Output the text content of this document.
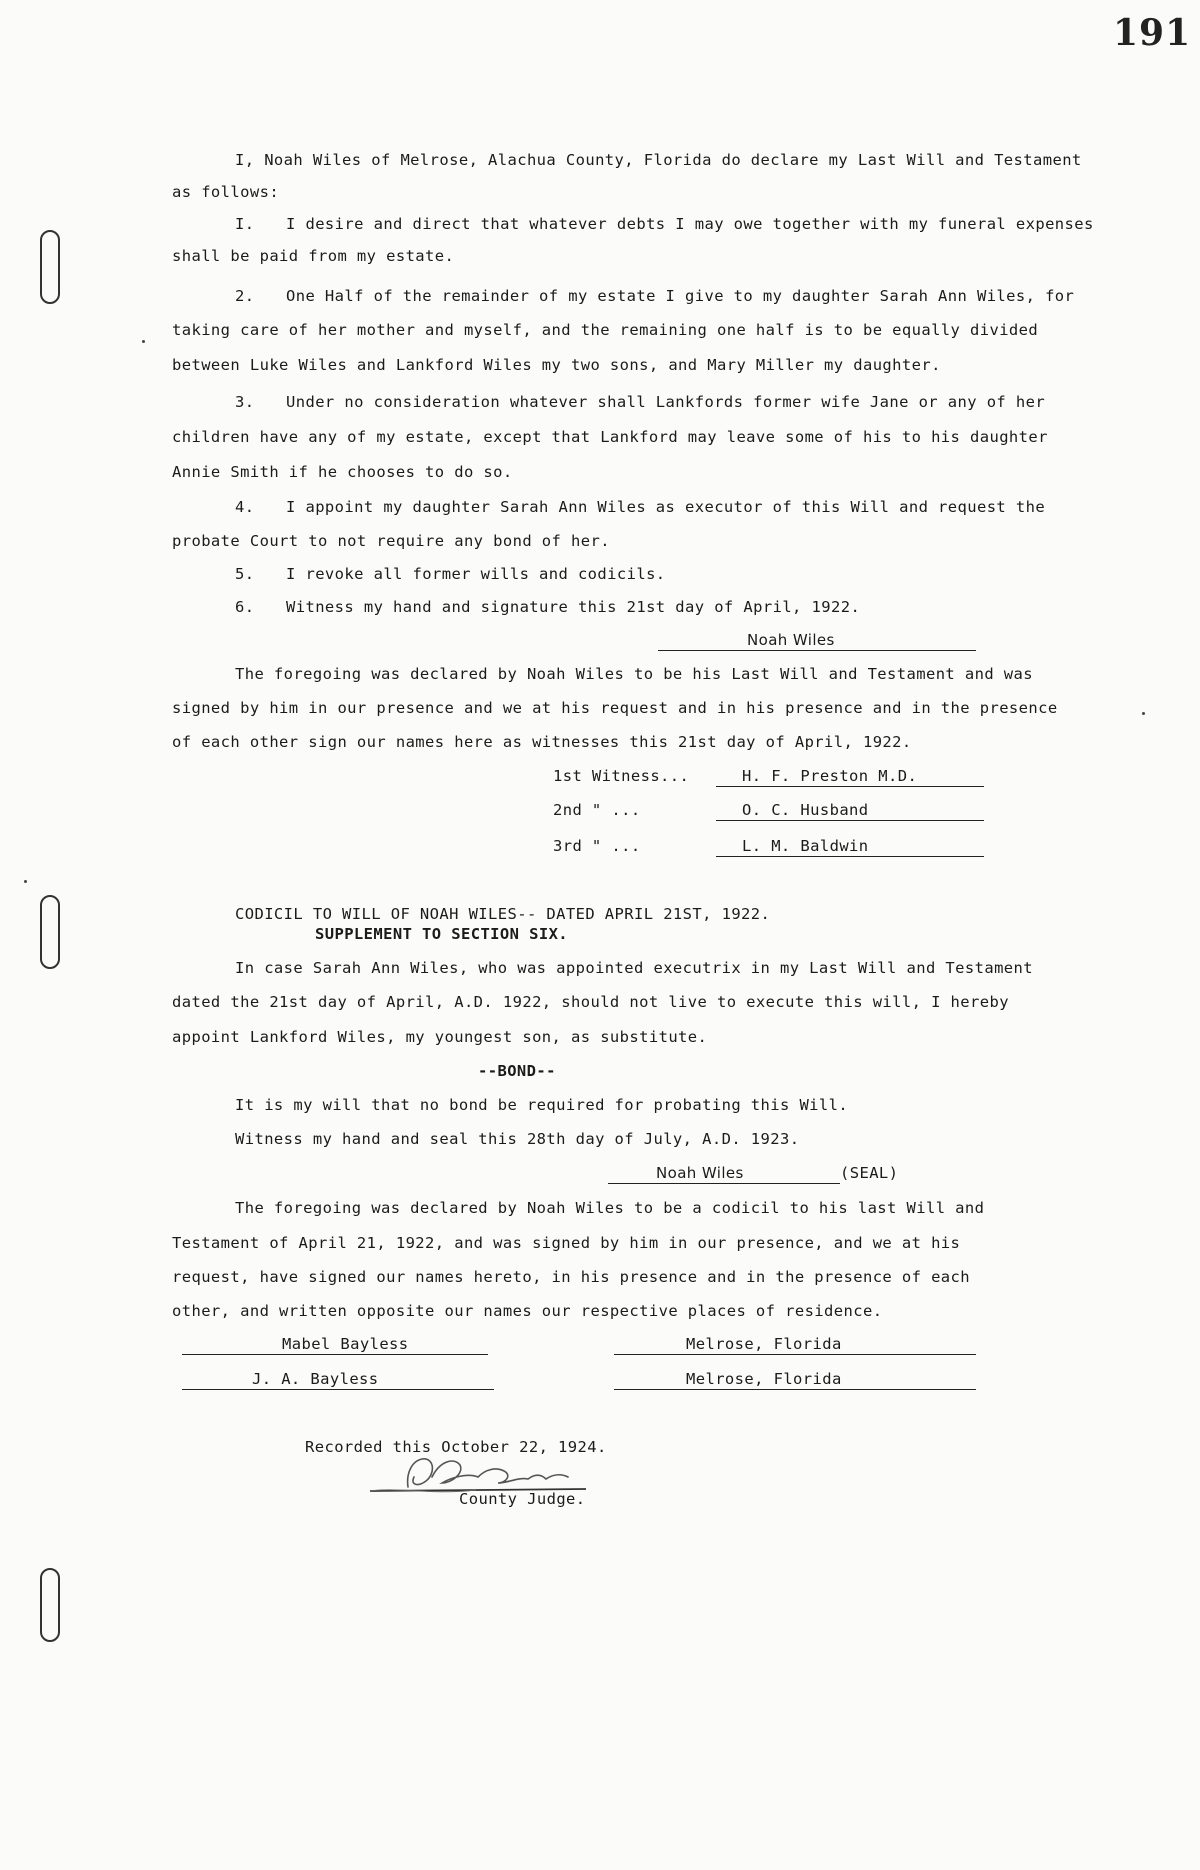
191
I, Noah Wiles of Melrose, Alachua County, Florida do declare my Last Will and Testament
as follows:
I. I desire and direct that whatever debts I may owe together with my funeral expenses
shall be paid from my estate.
2. One Half of the remainder of my estate I give to my daughter Sarah Ann Wiles, for
taking care of her mother and myself, and the remaining one half is to be equally divided
between Luke Wiles and Lankford Wiles my two sons, and Mary Miller my daughter.
3. Under no consideration whatever shall Lankfords former wife Jane or any of her
children have any of my estate, except that Lankford may leave some of his to his daughter
Annie Smith if he chooses to do so.
4. I appoint my daughter Sarah Ann Wiles as executor of this Will and request the
probate Court to not require any bond of her.
5. I revoke all former wills and codicils.
6. Witness my hand and signature this 21st day of April, 1922.
Noah Wiles
The foregoing was declared by Noah Wiles to be his Last Will and Testament and was
signed by him in our presence and we at his request and in his presence and in the presence
of each other sign our names here as witnesses this 21st day of April, 1922.
1st Witness...	H. F. Preston M.D.
2nd " ...	O. C. Husband
3rd " ...	L. M. Baldwin
CODICIL TO WILL OF NOAH WILES-- DATED APRIL 21ST, 1922.
SUPPLEMENT TO SECTION SIX.
In case Sarah Ann Wiles, who was appointed executrix in my Last Will and Testament
dated the 21st day of April, A.D. 1922, should not live to execute this will, I hereby
appoint Lankford Wiles, my youngest son, as substitute.
--BOND--
It is my will that no bond be required for probating this Will.
Witness my hand and seal this 28th day of July, A.D. 1923.
Noah Wiles	(SEAL)
The foregoing was declared by Noah Wiles to be a codicil to his last Will and
Testament of April 21, 1922, and was signed by him in our presence, and we at his
request, have signed our names hereto, in his presence and in the presence of each
other, and written opposite our names our respective places of residence.
Mabel Bayless	Melrose, Florida
J. A. Bayless	Melrose, Florida
Recorded this October 22, 1924.
County Judge.
